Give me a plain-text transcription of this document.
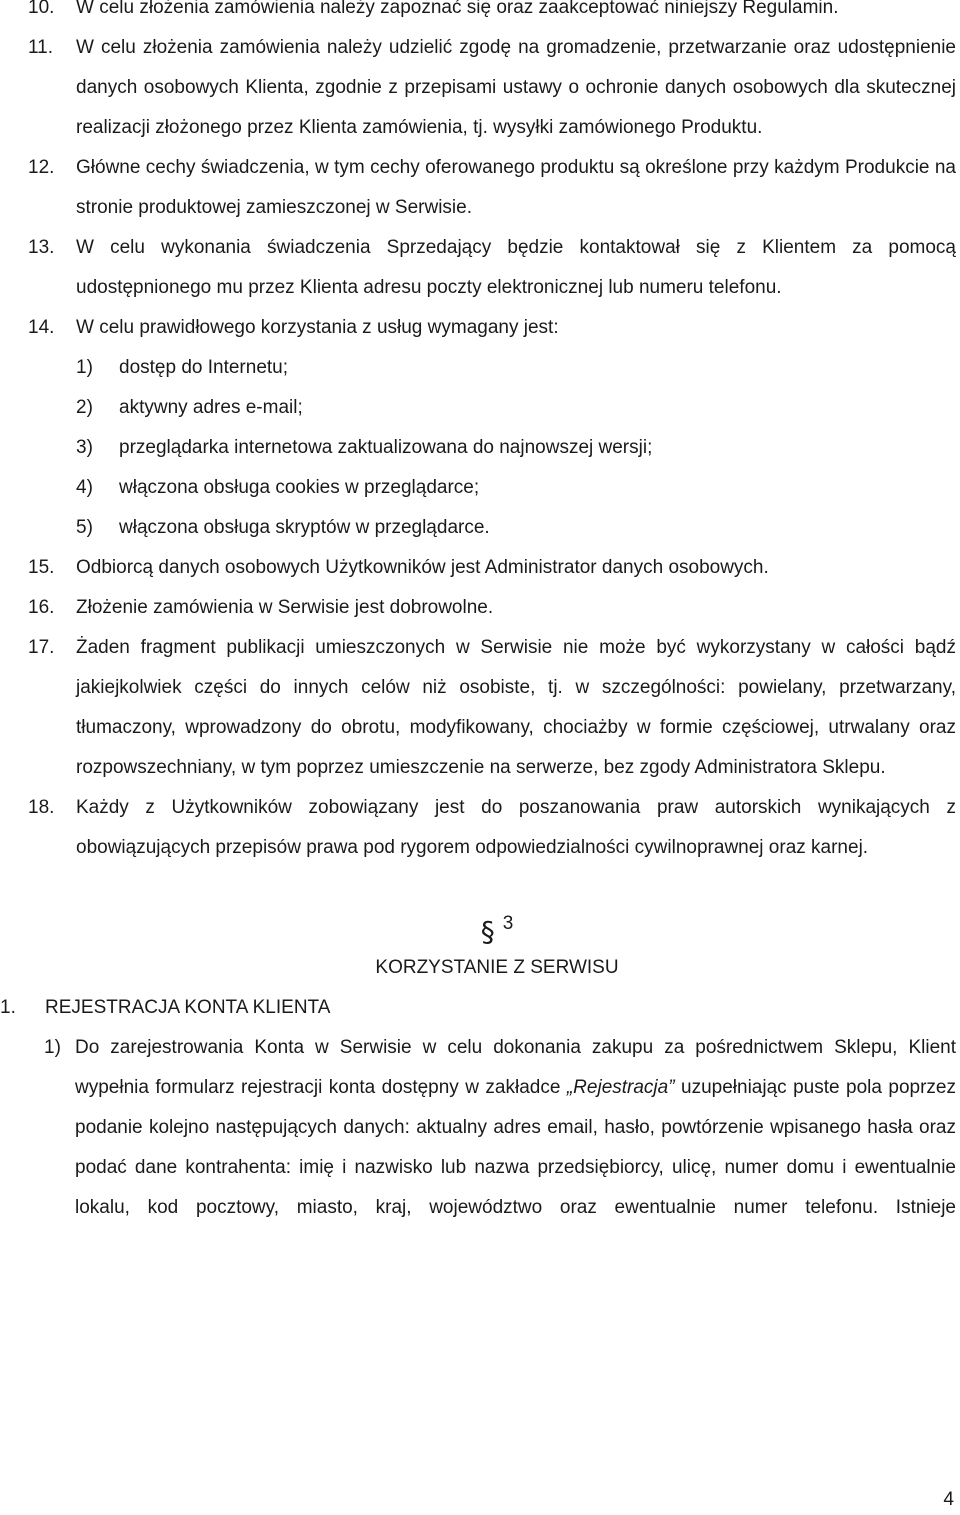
10.	W celu złożenia zamówienia należy zapoznać się oraz zaakceptować niniejszy Regulamin.
11.	W celu złożenia zamówienia należy udzielić zgodę na gromadzenie, przetwarzanie oraz udostępnienie danych osobowych Klienta, zgodnie z przepisami ustawy o ochronie danych osobowych dla skutecznej realizacji złożonego przez Klienta zamówienia, tj. wysyłki zamówionego Produktu.
12.	Główne cechy świadczenia, w tym cechy oferowanego produktu są określone przy każdym Produkcie na stronie produktowej zamieszczonej w Serwisie.
13.	W celu wykonania świadczenia Sprzedający będzie kontaktował się z Klientem za pomocą udostępnionego mu przez Klienta adresu poczty elektronicznej lub numeru telefonu.
14.	W celu prawidłowego korzystania z usług wymagany jest:
1)	dostęp do Internetu;
2)	aktywny adres e-mail;
3)	przeglądarka internetowa zaktualizowana do najnowszej wersji;
4)	włączona obsługa cookies w przeglądarce;
5)	włączona obsługa skryptów w przeglądarce.
15.	Odbiorcą danych osobowych Użytkowników jest Administrator danych osobowych.
16.	Złożenie zamówienia w Serwisie jest dobrowolne.
17.	Żaden fragment publikacji umieszczonych w Serwisie nie może być wykorzystany w całości bądź jakiejkolwiek części do innych celów niż osobiste, tj. w szczególności: powielany, przetwarzany, tłumaczony, wprowadzony do obrotu, modyfikowany, chociażby w formie częściowej, utrwalany oraz rozpowszechniany, w tym poprzez umieszczenie na serwerze, bez zgody Administratora Sklepu.
18.	Każdy z Użytkowników zobowiązany jest do poszanowania praw autorskich wynikających z obowiązujących przepisów prawa pod rygorem odpowiedzialności cywilnoprawnej oraz karnej.
§ 3
KORZYSTANIE Z SERWISU
1.	REJESTRACJA KONTA KLIENTA
1) Do zarejestrowania Konta w Serwisie w celu dokonania zakupu za pośrednictwem Sklepu, Klient wypełnia formularz rejestracji konta dostępny w zakładce „Rejestracja” uzupełniając puste pola poprzez podanie kolejno następujących danych: aktualny adres email, hasło, powtórzenie wpisanego hasła oraz podać dane kontrahenta: imię i nazwisko lub nazwa przedsiębiorcy, ulicę, numer domu i ewentualnie lokalu, kod pocztowy, miasto, kraj, województwo oraz ewentualnie numer telefonu. Istnieje
4
